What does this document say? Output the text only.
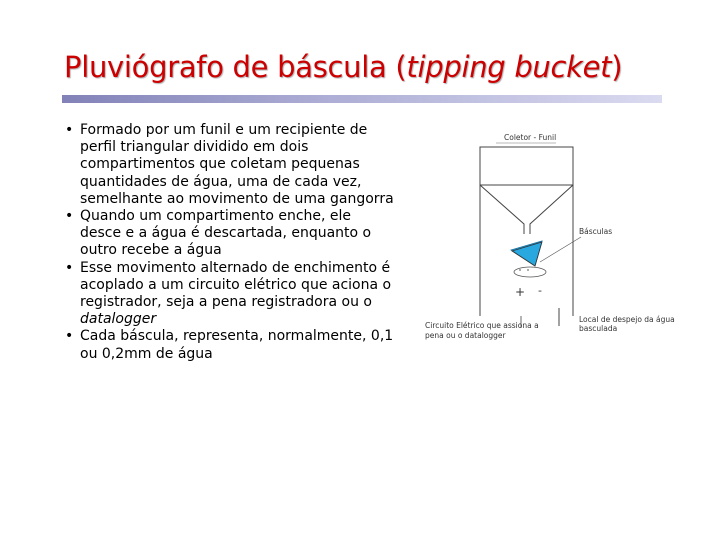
Pluviógrafo de báscula (tipping bucket)
• Formado por um funil e um recipiente de perfil triangular dividido em dois compartimentos que coletam pequenas quantidades de água, uma de cada vez, semelhante ao movimento de uma gangorra
• Quando um compartimento enche, ele desce e a água é descartada, enquanto o outro recebe a água
• Esse movimento alternado de enchimento é acoplado a um circuito elétrico que aciona o registrador, seja a pena registradora ou o datalogger
• Cada báscula, representa, normalmente, 0,1 ou 0,2mm de água
Coletor - Funil
Básculas
+ -
Local de despejo da água basculada
Circuito Elétrico que assiona a pena ou o datalogger
